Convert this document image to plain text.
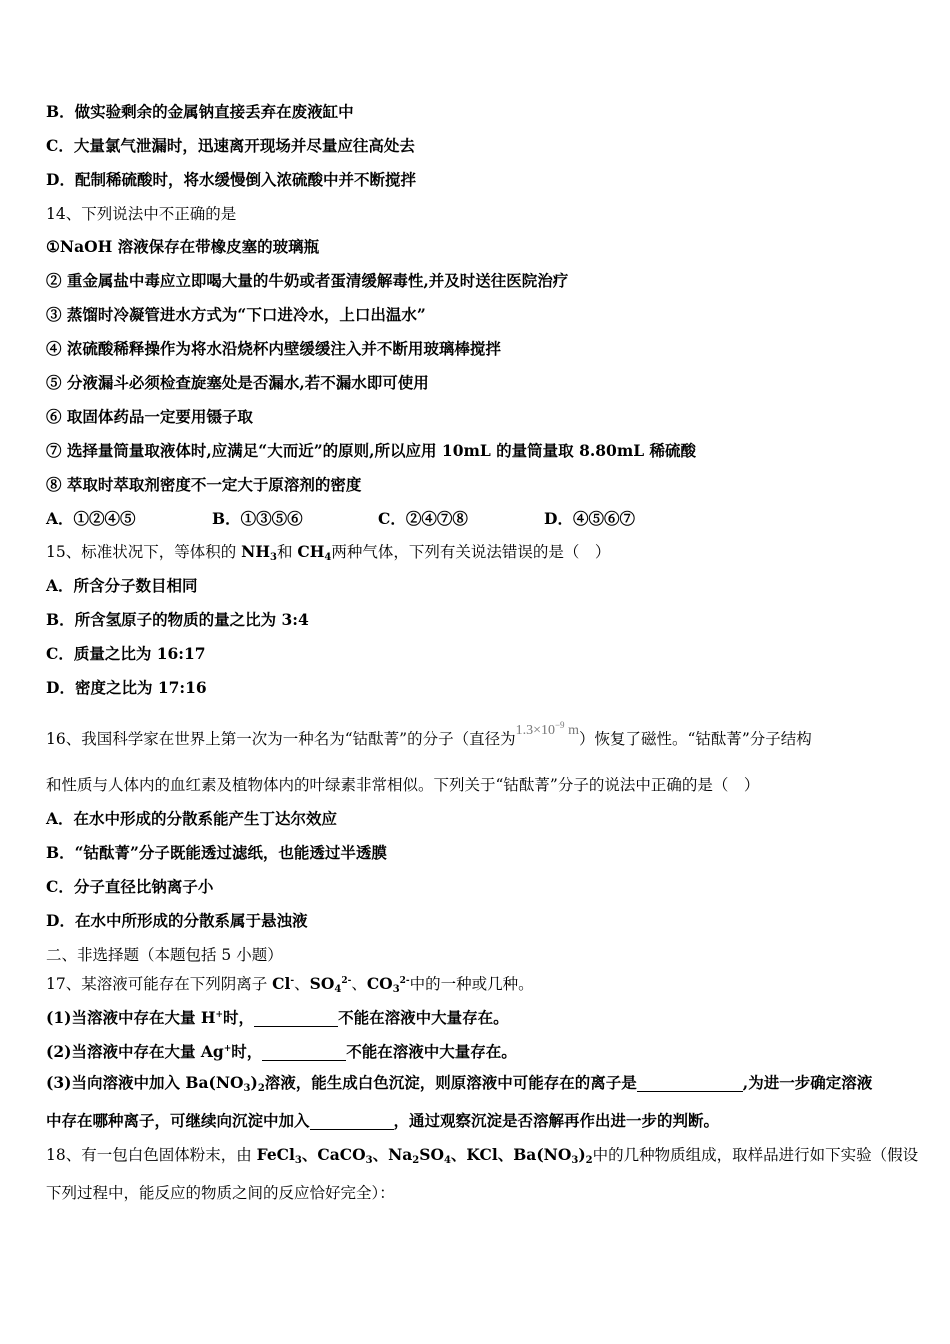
B．做实验剩余的金属钠直接丢弃在废液缸中
C．大量氯气泄漏时，迅速离开现场并尽量应往高处去
D．配制稀硫酸时，将水缓慢倒入浓硫酸中并不断搅拌
14、下列说法中不正确的是
①NaOH 溶液保存在带橡皮塞的玻璃瓶
② 重金属盐中毒应立即喝大量的牛奶或者蛋清缓解毒性,并及时送往医院治疗
③ 蒸馏时冷凝管进水方式为“下口进冷水，上口出温水”
④ 浓硫酸稀释操作为将水沿烧杯内壁缓缓注入并不断用玻璃棒搅拌
⑤ 分液漏斗必须检查旋塞处是否漏水,若不漏水即可使用
⑥ 取固体药品一定要用镊子取
⑦ 选择量筒量取液体时,应满足“大而近”的原则,所以应用 10mL 的量筒量取 8.80mL 稀硫酸
⑧ 萃取时萃取剂密度不一定大于原溶剂的密度
A．①②④⑤	B．①③⑤⑥	C．②④⑦⑧	D．④⑤⑥⑦
15、标准状况下，等体积的 $NH_3$和 $CH_4$两种气体，下列有关说法错误的是（　）
A．所含分子数目相同
B．所含氢原子的物质的量之比为 3:4
C．质量之比为 16:17
D．密度之比为 17:16
16、我国科学家在世界上第一次为一种名为“钴酞菁”的分子（直径为$1.3\times 10^{-9}$ m）恢复了磁性。“钴酞菁”分子结构
和性质与人体内的血红素及植物体内的叶绿素非常相似。下列关于“钴酞菁”分子的说法中正确的是（　）
A．在水中形成的分散系能产生丁达尔效应
B．“钴酞菁”分子既能透过滤纸，也能透过半透膜
C．分子直径比钠离子小
D．在水中所形成的分散系属于悬浊液
二、非选择题（本题包括 5 小题）
17、某溶液可能存在下列阴离子 Cl-、$SO_4^{2-}$、$CO_3^{2-}$中的一种或几种。
(1)当溶液中存在大量 H+时，	不能在溶液中大量存在。
(2)当溶液中存在大量 Ag+时，	不能在溶液中大量存在。
(3)当向溶液中加入 $Ba(NO_3)_2$溶液，能生成白色沉淀，则原溶液中可能存在的离子是	,为进一步确定溶液
中存在哪种离子，可继续向沉淀中加入	，通过观察沉淀是否溶解再作出进一步的判断。
18、有一包白色固体粉末，由 FeCl$_3$、CaCO$_3$、$Na_2SO_4$、KCl、$Ba(NO_3)_2$中的几种物质组成，取样品进行如下实验（假设
下列过程中，能反应的物质之间的反应恰好完全）：
